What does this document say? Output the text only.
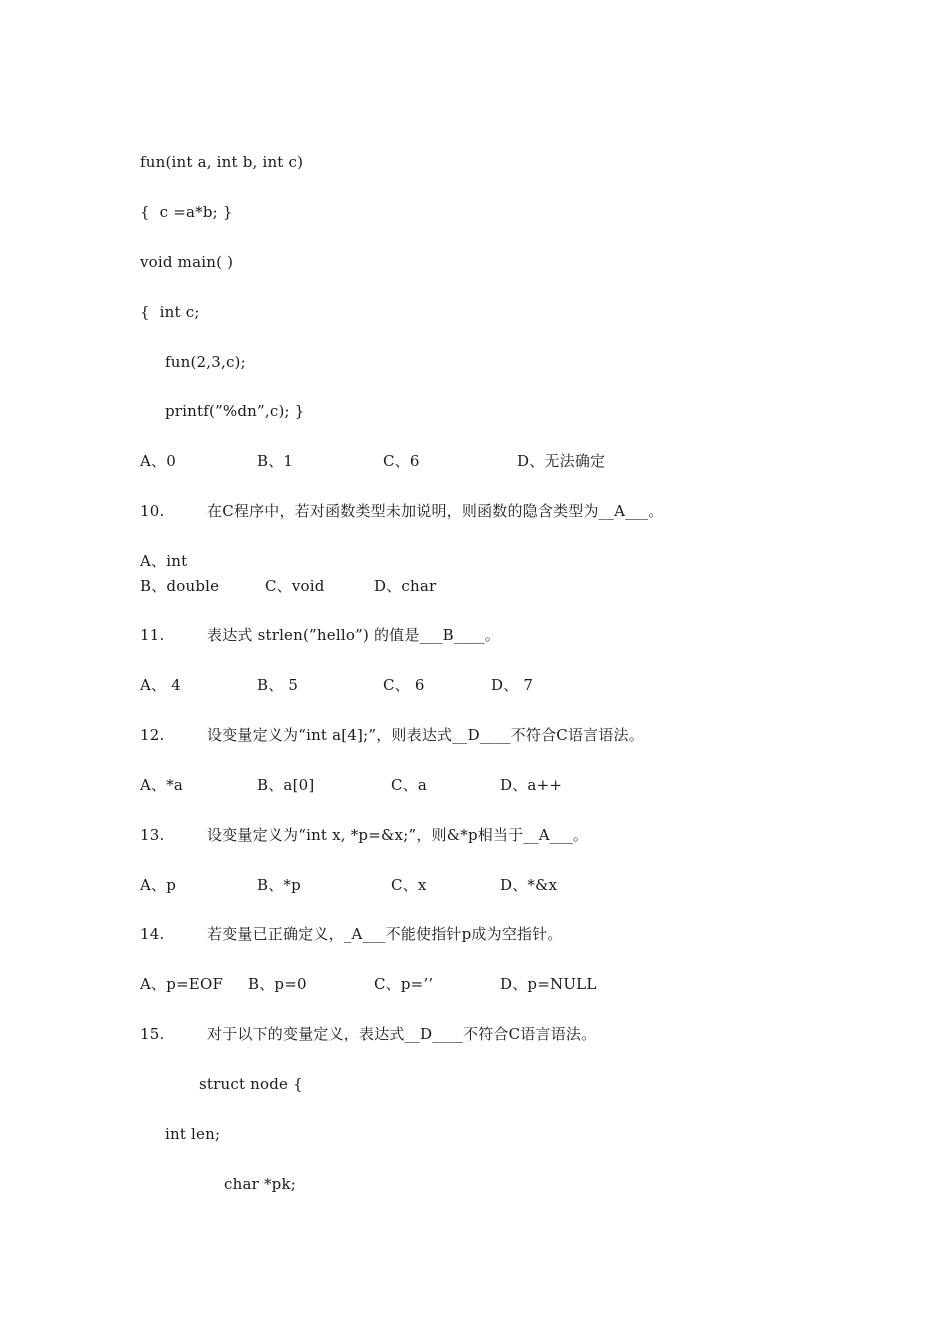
fun(int a, int b, int c)
{  c =a*b; }
void main( )
{  int c;
fun(2,3,c);
printf(”%dn”,c); }
A、0	B、1	C、6	D、无法确定
10.	在C程序中，若对函数类型未加说明，则函数的隐含类型为__A___。
A、int
B、double	C、void	D、char
11.	表达式 strlen(”hello”) 的值是___B____。
A、 4	B、 5	C、 6	D、 7
12.	设变量定义为“int a[4];”，则表达式__D____不符合C语言语法。
A、*a	B、a[0]	C、a	D、a++
13.	设变量定义为“int x, *p=&x;”，则&*p相当于__A___。
A、p	B、*p	C、x	D、*&x
14.	若变量已正确定义，_A___不能使指针p成为空指针。
A、p=EOF B、p=0	C、p=’’	D、p=NULL
15.	对于以下的变量定义，表达式__D____不符合C语言语法。
struct node {
int len;
char *pk;
